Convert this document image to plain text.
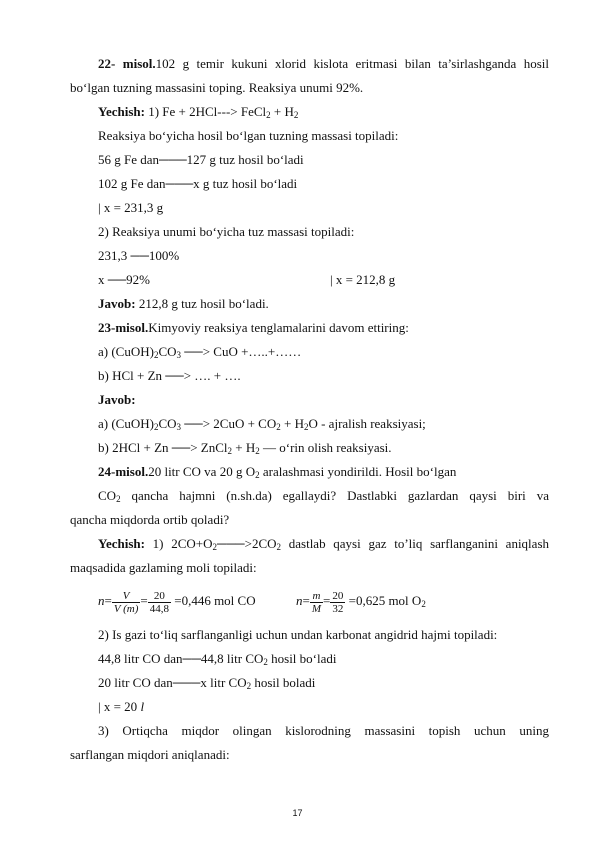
22- misol.102 g temir kukuni xlorid kislota eritmasi bilan ta’sirlashganda hosil
bo‘lgan tuzning massasini toping. Reaksiya unumi 92%.
Yechish: 1) Fe + 2HCl---> FeCl$_2$ + $H_2$
Reaksiya bo‘yicha hosil bo‘lgan tuzning massasi topiladi:
56 g Fe dan───127 g tuz hosil bo‘ladi
102 g Fe dan───x g tuz hosil bo‘ladi
| x = 231,3 g
2) Reaksiya unumi bo‘yicha tuz massasi topiladi:
231,3 ──100%
x ──92%	| x = 212,8 g
Javob: 212,8 g tuz hosil bo‘ladi.
23-misol.Kimyoviy reaksiya tenglamalarini davom ettiring:
a) $(CuOH)_2CO_3$ ──> CuO +…..+……
b) HCl + Zn ──> …. + ….
Javob:
a) $(CuOH)_2CO_3$ ──> $2CuO + CO_2 + H_2O$ - ajralish reaksiyasi;
b) 2HCl + Zn ──> ZnCl$_2$ + $H_2$ — o‘rin olish reaksiyasi.
24-misol.20 litr CO va 20 g $O_2$ aralashmasi yondirildi. Hosil bo‘lgan
$CO_2$ qancha hajmni (n.sh.da) egallaydi? Dastlabki gazlardan qaysi biri va
qancha miqdorda ortib qoladi?
Yechish: 1) $2CO+O_2───>2CO_2$ dastlab qaysi gaz to’liq sarflanganini aniqlash
maqsadida gazlaming moli topiladi:
$n= \frac{V}{V (m)} = \frac{20}{44,8} =0,446$ mol CO	$n= \frac{m}{M} = \frac{20}{32} =0,625$ mol $O_2$
2) Is gazi to‘liq sarflanganligi uchun undan karbonat angidrid hajmi topiladi:
44,8 litr CO dan──44,8 litr $CO_2$ hosil bo‘ladi
20 litr CO dan───x litr $CO_2$ hosil boladi
| x = 20 l
3) Ortiqcha miqdor olingan kislorodning massasini topish uchun uning
sarflangan miqdori aniqlanadi:
17
